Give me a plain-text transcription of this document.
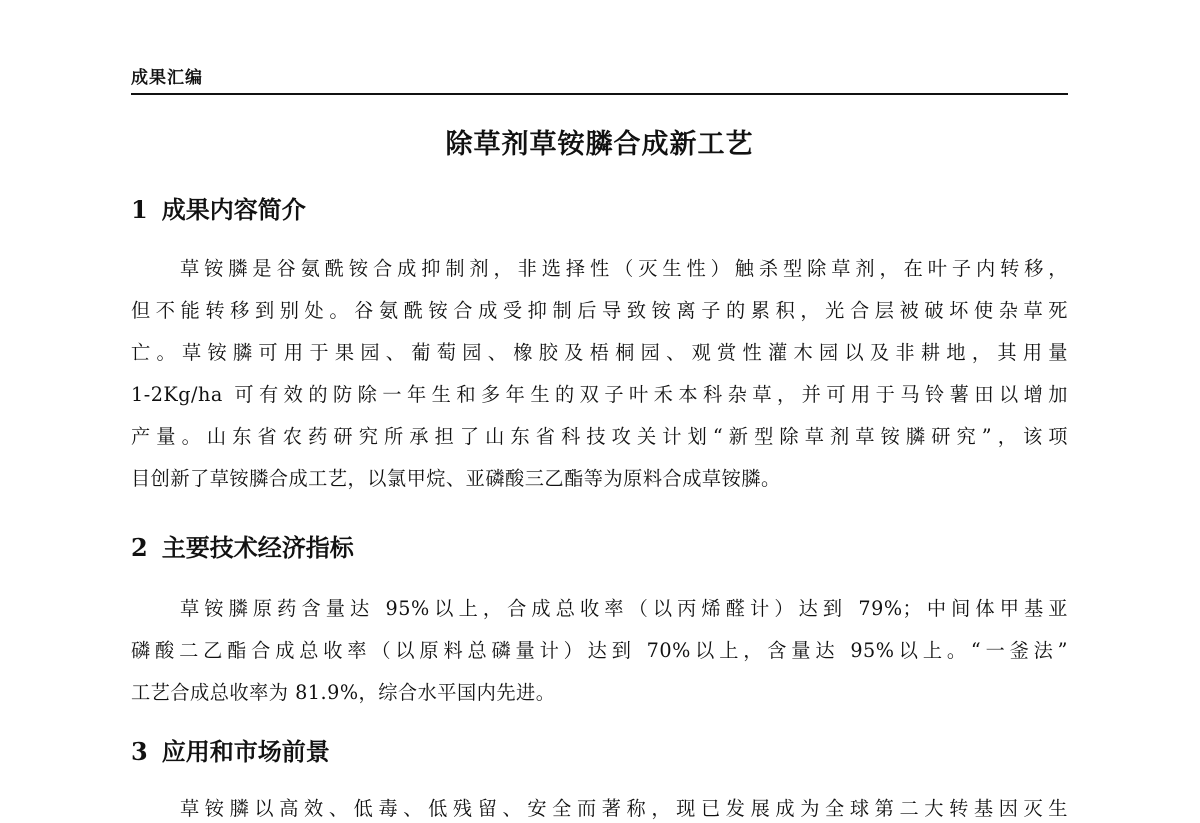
成果汇编
除草剂草铵膦合成新工艺
1 成果内容简介
草铵膦是谷氨酰铵合成抑制剂，非选择性（灭生性）触杀型除草剂，在叶子内转移，
但不能转移到别处。谷氨酰铵合成受抑制后导致铵离子的累积，光合层被破坏使杂草死
亡。草铵膦可用于果园、葡萄园、橡胶及梧桐园、观赏性灌木园以及非耕地，其用量
1-2Kg/ha 可有效的防除一年生和多年生的双子叶禾本科杂草，并可用于马铃薯田以增加
产量。山东省农药研究所承担了山东省科技攻关计划“新型除草剂草铵膦研究”，该项
目创新了草铵膦合成工艺，以氯甲烷、亚磷酸三乙酯等为原料合成草铵膦。
2 主要技术经济指标
草铵膦原药含量达 95%以上，合成总收率（以丙烯醛计）达到 79%；中间体甲基亚
磷酸二乙酯合成总收率（以原料总磷量计）达到 70%以上，含量达 95%以上。“一釜法”
工艺合成总收率为 81.9%，综合水平国内先进。
3 应用和市场前景
草铵膦以高效、低毒、低残留、安全而著称，现已发展成为全球第二大转基因灭生
